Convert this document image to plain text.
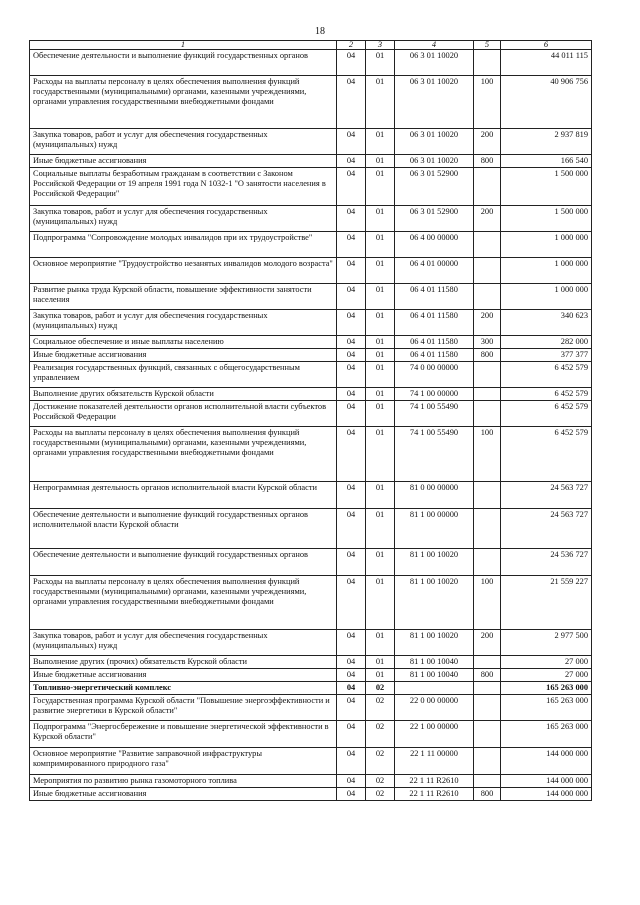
18
1	2	3	4	5	6
Обеспечение деятельности и выполнение функций государственных органов	04	01	06 3 01 10020		44 011 115
Расходы на выплаты персоналу в целях обеспечения выполнения функций государственными (муниципальными) органами, казенными учреждениями, органами управления государственными внебюджетными фондами	04	01	06 3 01 10020	100	40 906 756
Закупка товаров, работ и услуг для обеспечения государственных (муниципальных) нужд	04	01	06 3 01 10020	200	2 937 819
Иные бюджетные ассигнования	04	01	06 3 01 10020	800	166 540
Социальные выплаты безработным гражданам в соответствии с Законом Российской Федерации от 19 апреля 1991 года N 1032-1 "О занятости населения в Российской Федерации"	04	01	06 3 01 52900		1 500 000
Закупка товаров, работ и услуг для обеспечения государственных (муниципальных) нужд	04	01	06 3 01 52900	200	1 500 000
Подпрограмма "Сопровождение молодых инвалидов при их трудоустройстве"	04	01	06 4 00 00000		1 000 000
Основное мероприятие "Трудоустройство незанятых инвалидов молодого возраста"	04	01	06 4 01 00000		1 000 000
Развитие рынка труда Курской области, повышение эффективности занятости населения	04	01	06 4 01 11580		1 000 000
Закупка товаров, работ и услуг для обеспечения государственных (муниципальных) нужд	04	01	06 4 01 11580	200	340 623
Социальное обеспечение и иные выплаты населению	04	01	06 4 01 11580	300	282 000
Иные бюджетные ассигнования	04	01	06 4 01 11580	800	377 377
Реализация государственных функций, связанных с общегосударственным управлением	04	01	74 0 00 00000		6 452 579
Выполнение других обязательств Курской области	04	01	74 1 00 00000		6 452 579
Достижение показателей деятельности органов исполнительной власти субъектов Российской Федерации	04	01	74 1 00 55490		6 452 579
Расходы на выплаты персоналу в целях обеспечения выполнения функций государственными (муниципальными) органами, казенными учреждениями, органами управления государственными внебюджетными фондами	04	01	74 1 00 55490	100	6 452 579
Непрограммная деятельность органов исполнительной власти Курской области	04	01	81 0 00 00000		24 563 727
Обеспечение деятельности и выполнение функций государственных органов исполнительной власти Курской области	04	01	81 1 00 00000		24 563 727
Обеспечение деятельности и выполнение функций государственных органов	04	01	81 1 00 10020		24 536 727
Расходы на выплаты персоналу в целях обеспечения выполнения функций государственными (муниципальными) органами, казенными учреждениями, органами управления государственными внебюджетными фондами	04	01	81 1 00 10020	100	21 559 227
Закупка товаров, работ и услуг для обеспечения государственных (муниципальных) нужд	04	01	81 1 00 10020	200	2 977 500
Выполнение других (прочих) обязательств Курской области	04	01	81 1 00 10040		27 000
Иные бюджетные ассигнования	04	01	81 1 00 10040	800	27 000
Топливно-энергетический комплекс	04	02			165 263 000
Государственная программа Курской области "Повышение энергоэффективности и развитие энергетики в Курской области"	04	02	22 0 00 00000		165 263 000
Подпрограмма "Энергосбережение и повышение энергетической эффективности в Курской области"	04	02	22 1 00 00000		165 263 000
Основное мероприятие "Развитие заправочной инфраструктуры компримированного природного газа"	04	02	22 1 11 00000		144 000 000
Мероприятия по развитию рынка газомоторного топлива	04	02	22 1 11 R2610		144 000 000
Иные бюджетные ассигнования	04	02	22 1 11 R2610	800	144 000 000
